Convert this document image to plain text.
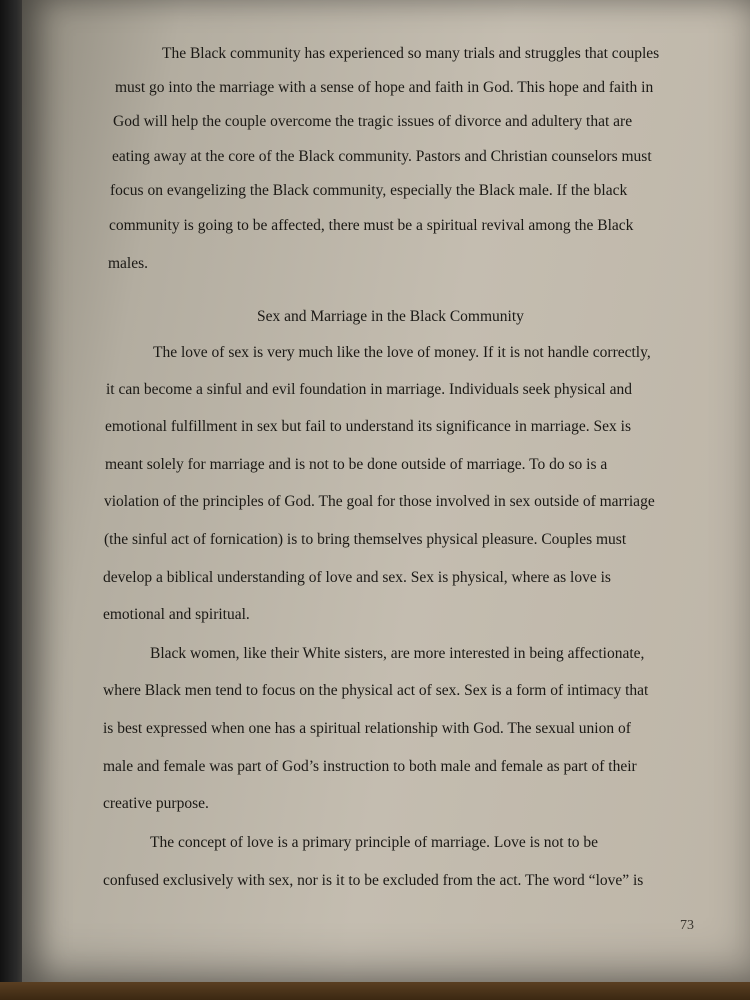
The Black community has experienced so many trials and struggles that couples

must go into the marriage with a sense of hope and faith in God. This hope and faith in

God will help the couple overcome the tragic issues of divorce and adultery that are

eating away at the core of the Black community. Pastors and Christian counselors must

focus on evangelizing the Black community, especially the Black male. If the black

community is going to be affected, there must be a spiritual revival among the Black

males.

Sex and Marriage in the Black Community

The love of sex is very much like the love of money. If it is not handle correctly,

it can become a sinful and evil foundation in marriage. Individuals seek physical and

emotional fulfillment in sex but fail to understand its significance in marriage. Sex is

meant solely for marriage and is not to be done outside of marriage. To do so is a

violation of the principles of God. The goal for those involved in sex outside of marriage

(the sinful act of fornication) is to bring themselves physical pleasure. Couples must

develop a biblical understanding of love and sex. Sex is physical, where as love is

emotional and spiritual.

Black women, like their White sisters, are more interested in being affectionate,

where Black men tend to focus on the physical act of sex. Sex is a form of intimacy that

is best expressed when one has a spiritual relationship with God. The sexual union of

male and female was part of God’s instruction to both male and female as part of their

creative purpose.

The concept of love is a primary principle of marriage. Love is not to be

confused exclusively with sex, nor is it to be excluded from the act. The word “love” is

73
